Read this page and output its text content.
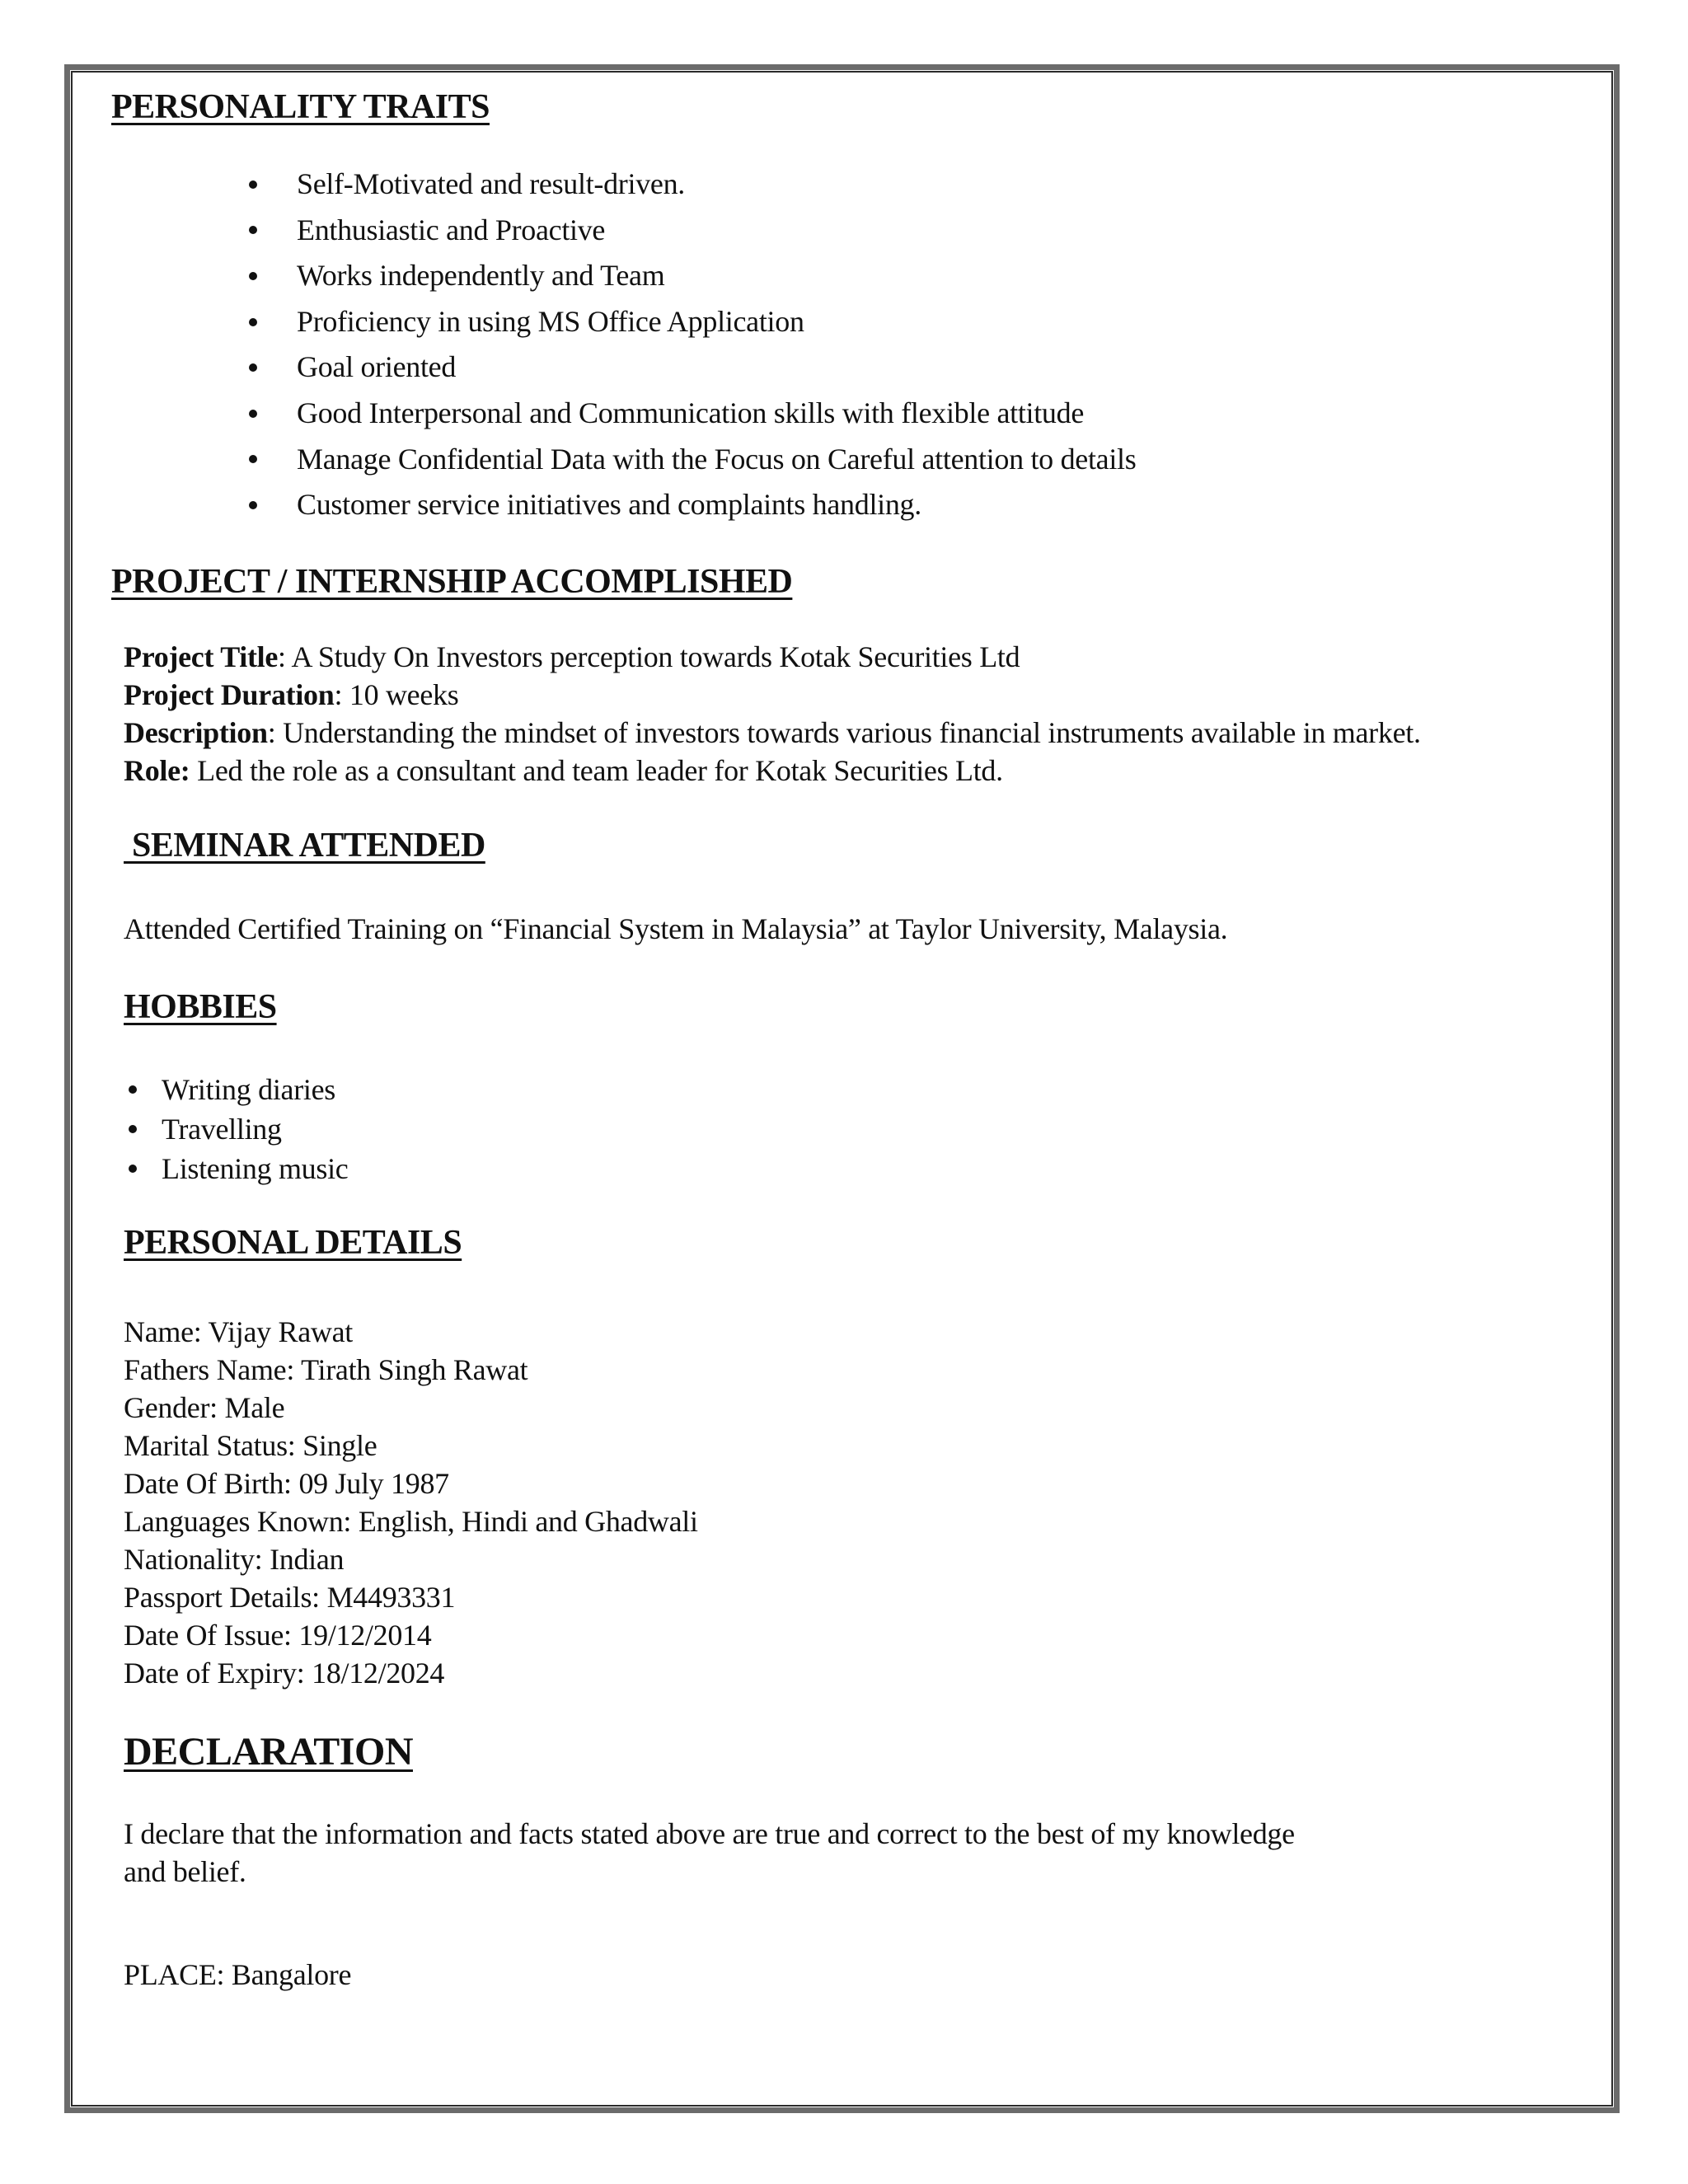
PERSONALITY TRAITS
Self-Motivated and result-driven.
Enthusiastic and Proactive
Works independently and Team
Proficiency in using MS Office Application
Goal oriented
Good Interpersonal and Communication skills with flexible attitude
Manage Confidential Data with the Focus on Careful attention to details
Customer service initiatives and complaints handling.
PROJECT / INTERNSHIP ACCOMPLISHED
Project Title: A Study On Investors perception towards Kotak Securities Ltd
Project Duration: 10 weeks
Description: Understanding the mindset of investors towards various financial instruments available in market.
Role: Led the role as a consultant and team leader for Kotak Securities Ltd.
SEMINAR ATTENDED
Attended Certified Training on “Financial System in Malaysia” at Taylor University, Malaysia.
HOBBIES
Writing diaries
Travelling
Listening music
PERSONAL DETAILS
Name: Vijay Rawat
Fathers Name: Tirath Singh Rawat
Gender: Male
Marital Status: Single
Date Of Birth: 09 July 1987
Languages Known: English, Hindi and Ghadwali
Nationality: Indian
Passport Details: M4493331
Date Of Issue: 19/12/2014
Date of Expiry: 18/12/2024
DECLARATION
I declare that the information and facts stated above are true and correct to the best of my knowledge
and belief.
PLACE: Bangalore
